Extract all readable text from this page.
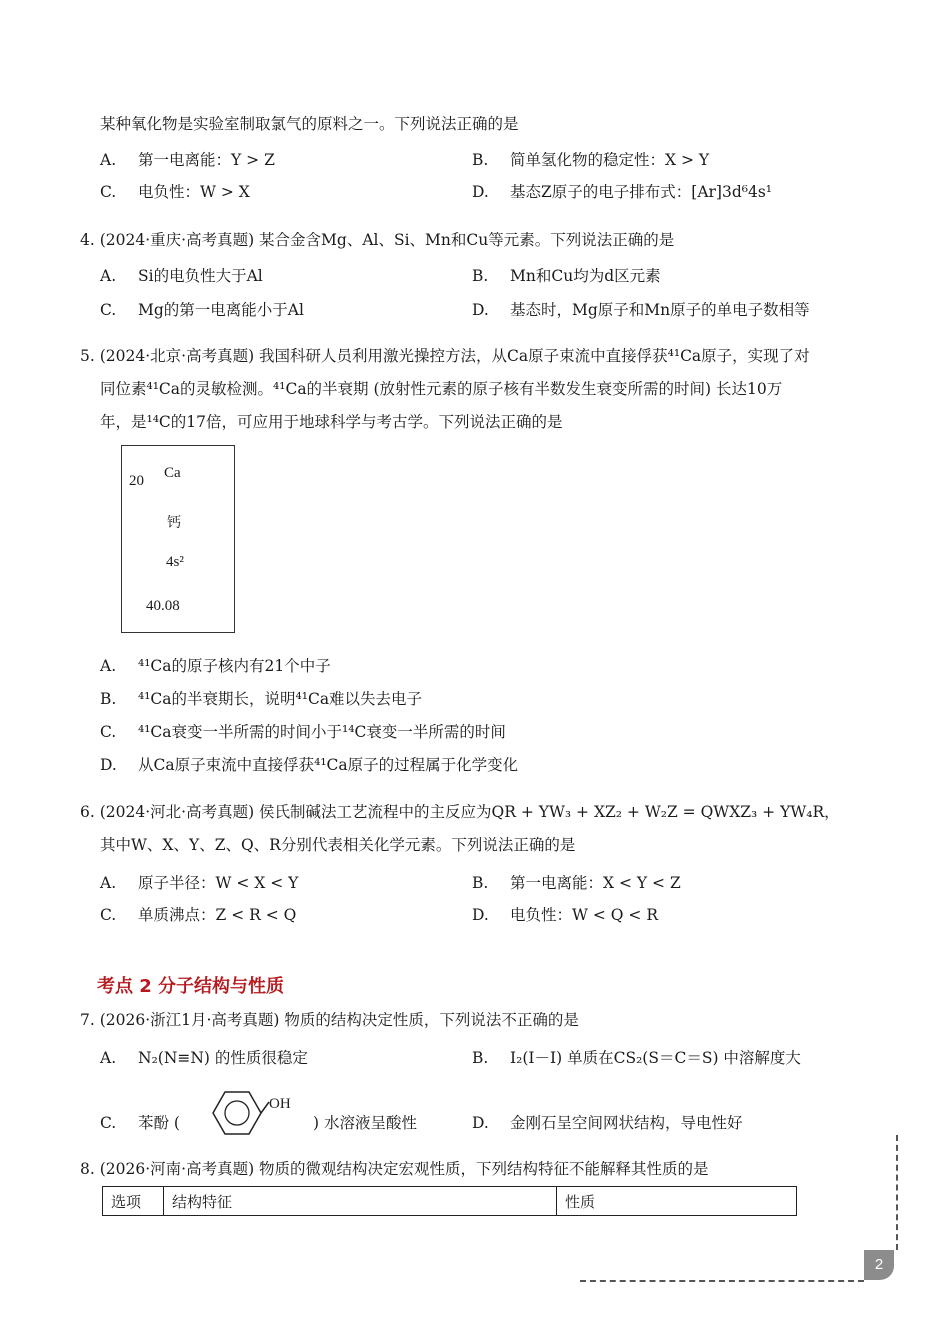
某种氧化物是实验室制取氯气的原料之一。下列说法正确的是
A. 第一电离能：Y > Z	B. 简单氢化物的稳定性：X > Y
C. 电负性：W > X	D. 基态Z原子的电子排布式：[Ar]3d⁶4s¹
4. (2024·重庆·高考真题) 某合金含Mg、Al、Si、Mn和Cu等元素。下列说法正确的是
A. Si的电负性大于Al	B. Mn和Cu均为d区元素
C. Mg的第一电离能小于Al	D. 基态时，Mg原子和Mn原子的单电子数相等
5. (2024·北京·高考真题) 我国科研人员利用激光操控方法，从Ca原子束流中直接俘获⁴¹Ca原子，实现了对
同位素⁴¹Ca的灵敏检测。⁴¹Ca的半衰期 (放射性元素的原子核有半数发生衰变所需的时间) 长达10万
年，是¹⁴C的17倍，可应用于地球科学与考古学。下列说法正确的是
20 Ca
钙
4s²
40.08
A. ⁴¹Ca的原子核内有21个中子
B. ⁴¹Ca的半衰期长，说明⁴¹Ca难以失去电子
C. ⁴¹Ca衰变一半所需的时间小于¹⁴C衰变一半所需的时间
D. 从Ca原子束流中直接俘获⁴¹Ca原子的过程属于化学变化
6. (2024·河北·高考真题) 侯氏制碱法工艺流程中的主反应为QR + YW₃ + XZ₂ + W₂Z = QWXZ₃ + YW₄R，
其中W、X、Y、Z、Q、R分别代表相关化学元素。下列说法正确的是
A. 原子半径：W < X < Y	B. 第一电离能：X < Y < Z
C. 单质沸点：Z < R < Q	D. 电负性：W < Q < R
考点 2 分子结构与性质
7. (2026·浙江1月·高考真题) 物质的结构决定性质，下列说法不正确的是
A. N₂(N≡N) 的性质很稳定	B. I₂(I－I) 单质在CS₂(S＝C＝S) 中溶解度大
C. 苯酚 (
OH
) 水溶液呈酸性	D. 金刚石呈空间网状结构，导电性好
8. (2026·河南·高考真题) 物质的微观结构决定宏观性质，下列结构特征不能解释其性质的是
选项	结构特征	性质
2
